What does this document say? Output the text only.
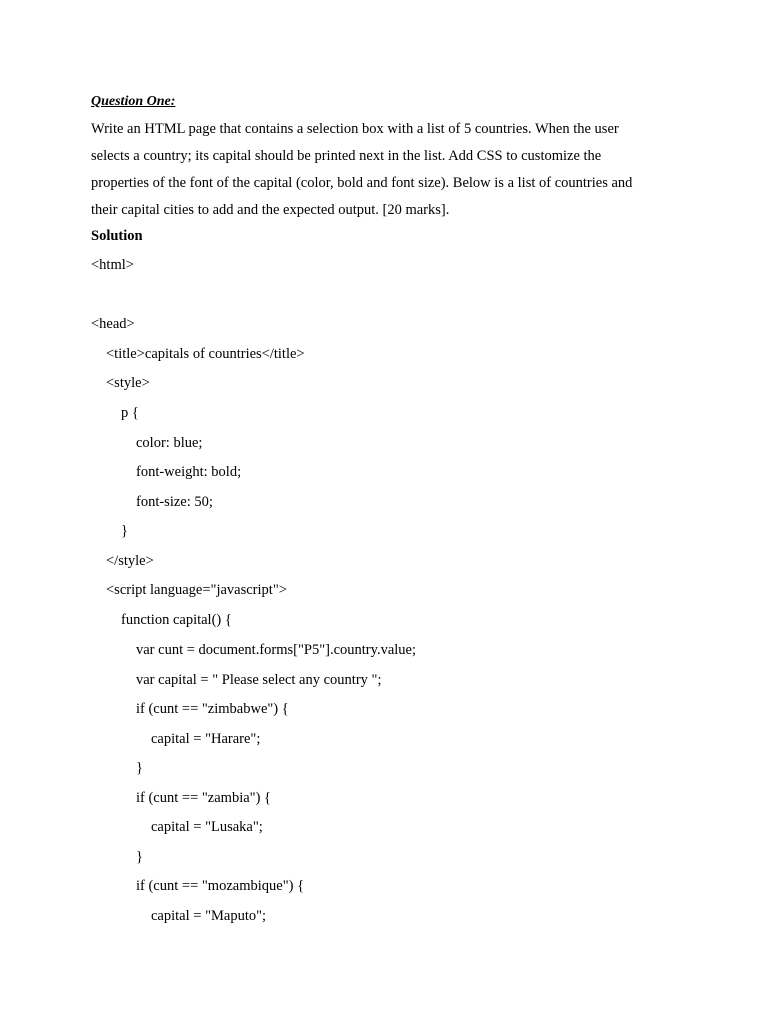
Question One:
Write an HTML page that contains a selection box with a list of 5 countries. When the user
selects a country; its capital should be printed next in the list. Add CSS to customize the
properties of the font of the capital (color, bold and font size). Below is a list of countries and
their capital cities to add and the expected output. [20 marks].
Solution
<html>
<head>
<title>capitals of countries</title>
<style>
p {
color: blue;
font-weight: bold;
font-size: 50;
}
</style>
<script language="javascript">
function capital() {
var cunt = document.forms["P5"].country.value;
var capital = " Please select any country ";
if (cunt == "zimbabwe") {
capital = "Harare";
}
if (cunt == "zambia") {
capital = "Lusaka";
}
if (cunt == "mozambique") {
capital = "Maputo";
